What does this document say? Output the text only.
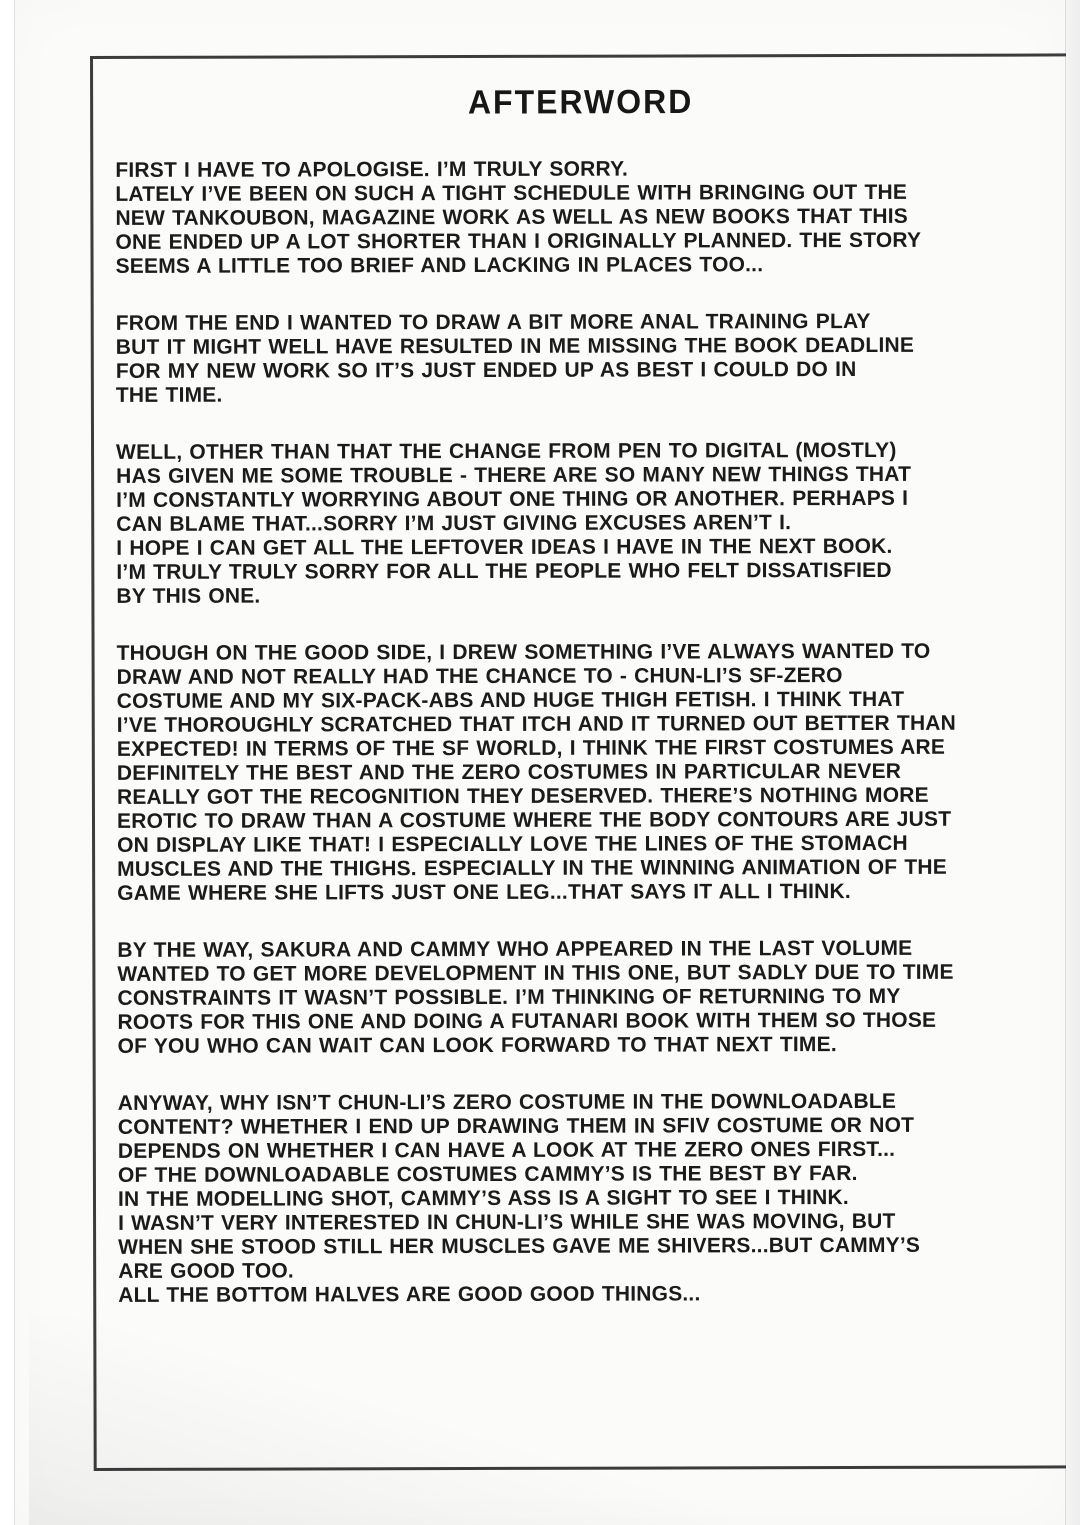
AFTERWORD

FIRST I HAVE TO APOLOGISE. I’M TRULY SORRY.
LATELY I’VE BEEN ON SUCH A TIGHT SCHEDULE WITH BRINGING OUT THE
NEW TANKOUBON, MAGAZINE WORK AS WELL AS NEW BOOKS THAT THIS
ONE ENDED UP A LOT SHORTER THAN I ORIGINALLY PLANNED. THE STORY
SEEMS A LITTLE TOO BRIEF AND LACKING IN PLACES TOO...

FROM THE END I WANTED TO DRAW A BIT MORE ANAL TRAINING PLAY
BUT IT MIGHT WELL HAVE RESULTED IN ME MISSING THE BOOK DEADLINE
FOR MY NEW WORK SO IT’S JUST ENDED UP AS BEST I COULD DO IN
THE TIME.

WELL, OTHER THAN THAT THE CHANGE FROM PEN TO DIGITAL (MOSTLY)
HAS GIVEN ME SOME TROUBLE - THERE ARE SO MANY NEW THINGS THAT
I’M CONSTANTLY WORRYING ABOUT ONE THING OR ANOTHER. PERHAPS I
CAN BLAME THAT...SORRY I’M JUST GIVING EXCUSES AREN’T I.
I HOPE I CAN GET ALL THE LEFTOVER IDEAS I HAVE IN THE NEXT BOOK.
I’M TRULY TRULY SORRY FOR ALL THE PEOPLE WHO FELT DISSATISFIED
BY THIS ONE.

THOUGH ON THE GOOD SIDE, I DREW SOMETHING I’VE ALWAYS WANTED TO
DRAW AND NOT REALLY HAD THE CHANCE TO - CHUN-LI’S SF-ZERO
COSTUME AND MY SIX-PACK-ABS AND HUGE THIGH FETISH. I THINK THAT
I’VE THOROUGHLY SCRATCHED THAT ITCH AND IT TURNED OUT BETTER THAN
EXPECTED! IN TERMS OF THE SF WORLD, I THINK THE FIRST COSTUMES ARE
DEFINITELY THE BEST AND THE ZERO COSTUMES IN PARTICULAR NEVER
REALLY GOT THE RECOGNITION THEY DESERVED. THERE’S NOTHING MORE
EROTIC TO DRAW THAN A COSTUME WHERE THE BODY CONTOURS ARE JUST
ON DISPLAY LIKE THAT! I ESPECIALLY LOVE THE LINES OF THE STOMACH
MUSCLES AND THE THIGHS. ESPECIALLY IN THE WINNING ANIMATION OF THE
GAME WHERE SHE LIFTS JUST ONE LEG...THAT SAYS IT ALL I THINK.

BY THE WAY, SAKURA AND CAMMY WHO APPEARED IN THE LAST VOLUME
WANTED TO GET MORE DEVELOPMENT IN THIS ONE, BUT SADLY DUE TO TIME
CONSTRAINTS IT WASN’T POSSIBLE. I’M THINKING OF RETURNING TO MY
ROOTS FOR THIS ONE AND DOING A FUTANARI BOOK WITH THEM SO THOSE
OF YOU WHO CAN WAIT CAN LOOK FORWARD TO THAT NEXT TIME.

ANYWAY, WHY ISN’T CHUN-LI’S ZERO COSTUME IN THE DOWNLOADABLE
CONTENT? WHETHER I END UP DRAWING THEM IN SFIV COSTUME OR NOT
DEPENDS ON WHETHER I CAN HAVE A LOOK AT THE ZERO ONES FIRST...
OF THE DOWNLOADABLE COSTUMES CAMMY’S IS THE BEST BY FAR.
IN THE MODELLING SHOT, CAMMY’S ASS IS A SIGHT TO SEE I THINK.
I WASN’T VERY INTERESTED IN CHUN-LI’S WHILE SHE WAS MOVING, BUT
WHEN SHE STOOD STILL HER MUSCLES GAVE ME SHIVERS...BUT CAMMY’S
ARE GOOD TOO.
ALL THE BOTTOM HALVES ARE GOOD GOOD THINGS...
